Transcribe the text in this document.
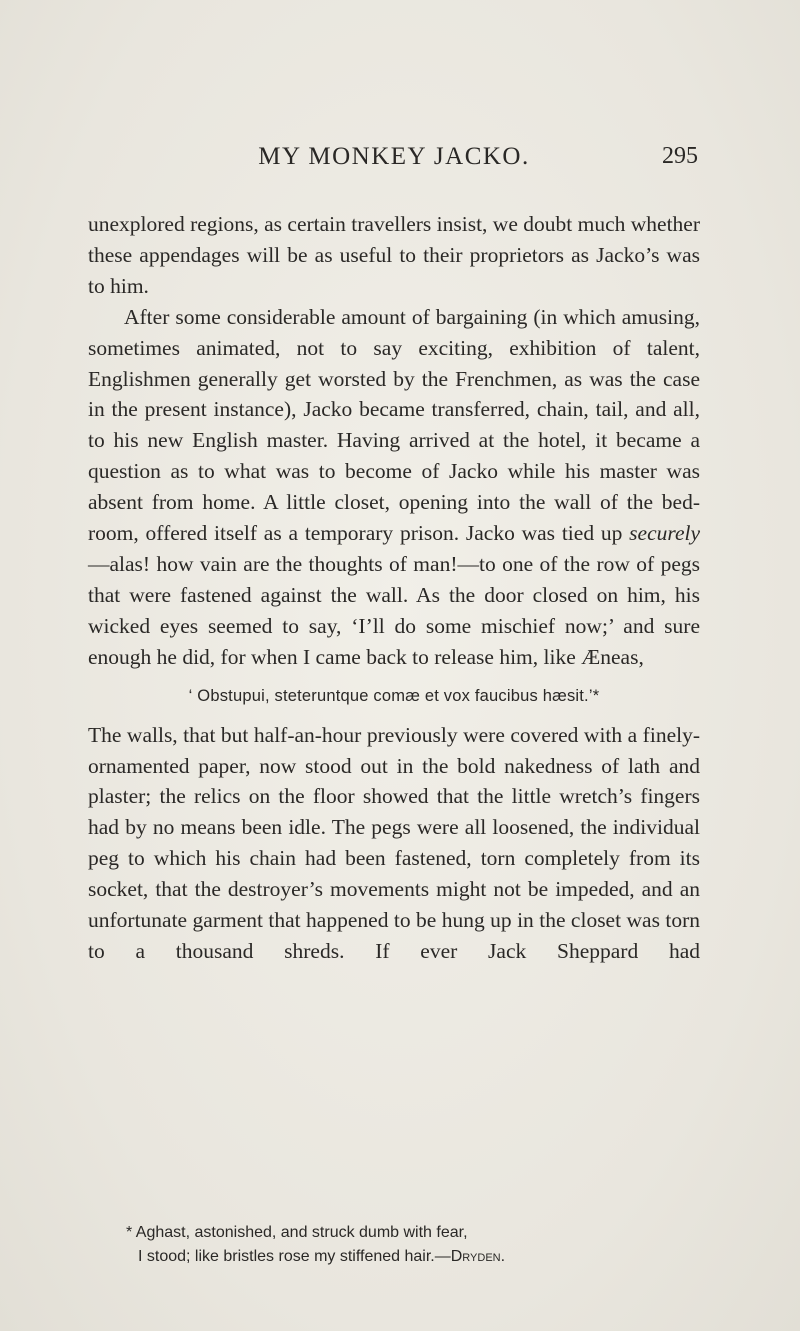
MY MONKEY JACKO.	295

unexplored regions, as certain travellers insist, we doubt much whether these appendages will be as useful to their proprietors as Jacko’s was to him.

After some considerable amount of bargaining (in which amusing, sometimes animated, not to say exciting, exhibition of talent, Englishmen generally get worsted by the Frenchmen, as was the case in the present instance), Jacko became transferred, chain, tail, and all, to his new English master. Having arrived at the hotel, it became a question as to what was to become of Jacko while his master was absent from home. A little closet, opening into the wall of the bed-room, offered itself as a temporary prison. Jacko was tied up securely—alas! how vain are the thoughts of man!—to one of the row of pegs that were fastened against the wall. As the door closed on him, his wicked eyes seemed to say, ‘I’ll do some mischief now;’ and sure enough he did, for when I came back to release him, like Æneas,

‘ Obstupui, steteruntque comæ et vox faucibus hæsit.’*

The walls, that but half-an-hour previously were covered with a finely-ornamented paper, now stood out in the bold nakedness of lath and plaster; the relics on the floor showed that the little wretch’s fingers had by no means been idle. The pegs were all loosened, the individual peg to which his chain had been fastened, torn completely from its socket, that the destroyer’s movements might not be impeded, and an unfortunate garment that happened to be hung up in the closet was torn to a thousand shreds. If ever Jack Sheppard had

* Aghast, astonished, and struck dumb with fear,
I stood; like bristles rose my stiffened hair.—Dryden.
